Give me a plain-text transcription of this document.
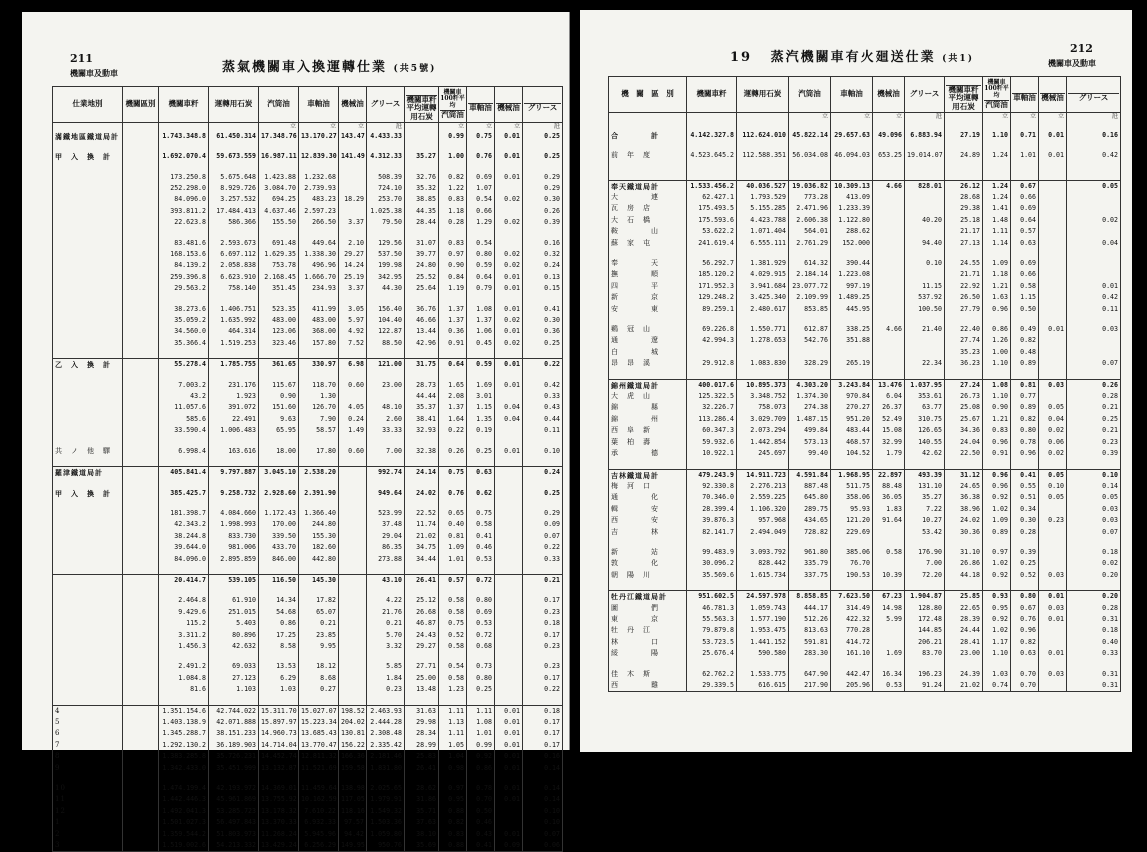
211
機關車及動車	蒸氣機關車入換運轉仕業 (共5號)
仕業地別	機關區別	機關車粁	運轉用石炭	汽筒油	車軸油	機械油	グリース	機關車粁平均運轉用石炭	機關車100粁平均
汽筒油	車軸油	機械油	グリース

				立	立	立	瓩		立	立	立	瓩
滿鐵地區鐵道局計		1.743.348.8	61.450.314	17.348.76	13.170.27	143.47	4.433.33		0.99	0.75	0.01	0.25

甲　入　換　計		1.692.070.4	59.673.559	16.987.11	12.839.30	141.49	4.312.33	35.27	1.00	0.76	0.01	0.25

		173.250.8	5.675.648	1.423.88	1.232.68		508.39	32.76	0.82	0.69	0.01	0.29
		252.298.0	8.929.726	3.084.70	2.739.93		724.10	35.32	1.22	1.07		0.29
		84.096.0	3.257.532	694.25	483.23	18.29	253.70	38.85	0.83	0.54	0.02	0.30
		393.811.2	17.484.413	4.637.46	2.597.23		1.025.38	44.35	1.18	0.66		0.26
		22.623.8	586.366	155.50	266.50	3.37	79.50	28.44	0.28	1.29	0.02	0.39

		83.481.6	2.593.673	691.48	449.64	2.10	129.56	31.07	0.83	0.54		0.16
		168.153.6	6.697.112	1.629.35	1.338.30	29.27	537.50	39.77	0.97	0.80	0.02	0.32
		84.139.2	2.058.838	753.78	496.96	14.24	199.98	24.80	0.90	0.59	0.02	0.24
		259.396.8	6.623.910	2.168.45	1.666.70	25.19	342.95	25.52	0.84	0.64	0.01	0.13
		29.563.2	758.140	351.45	234.93	3.37	44.30	25.64	1.19	0.79	0.01	0.15

		38.273.6	1.406.751	523.35	411.99	3.05	156.40	36.76	1.37	1.08	0.01	0.41
		35.059.2	1.635.992	483.00	483.00	5.97	104.40	46.66	1.37	1.37	0.02	0.30
		34.560.0	464.314	123.06	368.00	4.92	122.87	13.44	0.36	1.06	0.01	0.36
		35.366.4	1.519.253	323.46	157.80	7.52	88.50	42.96	0.91	0.45	0.02	0.25

乙　入　換　計		55.278.4	1.785.755	361.65	330.97	6.98	121.00	31.75	0.64	0.59	0.01	0.22

		7.003.2	231.176	115.67	118.70	0.60	23.00	28.73	1.65	1.69	0.01	0.42
		43.2	1.923	0.90	1.30			44.44	2.08	3.01		0.33
		11.057.6	391.072	151.60	126.70	4.05	48.10	35.37	1.37	1.15	0.04	0.43
		585.6	22.491	9.63	7.90	0.24	2.60	38.41	1.64	1.35	0.04	0.44
		33.590.4	1.006.483	65.95	58.57	1.49	33.33	32.93	0.22	0.19		0.11

共　ノ　他　驛		6.998.4	163.616	18.00	17.80	0.60	7.00	32.38	0.26	0.25	0.01	0.10

羅津鐵道局計		405.841.4	9.797.887	3.045.10	2.538.20		992.74	24.14	0.75	0.63		0.24

甲　入　換　計		385.425.7	9.258.732	2.928.60	2.391.90		949.64	24.02	0.76	0.62		0.25

		181.398.7	4.084.660	1.172.43	1.366.40		523.99	22.52	0.65	0.75		0.29
		42.343.2	1.998.993	170.00	244.80		37.48	11.74	0.40	0.58		0.09
		38.244.8	833.730	339.50	155.30		29.04	21.02	0.81	0.41		0.07
		39.644.0	981.006	433.70	182.60		86.35	34.75	1.09	0.46		0.22
		84.096.0	2.895.859	846.00	442.80		273.88	34.44	1.01	0.53		0.33

		20.414.7	539.105	116.50	145.30		43.10	26.41	0.57	0.72		0.21

		2.464.8	61.910	14.34	17.82		4.22	25.12	0.58	0.80		0.17
		9.429.6	251.015	54.68	65.07		21.76	26.68	0.58	0.69		0.23
		115.2	5.403	0.86	0.21		0.21	46.87	0.75	0.53		0.18
		3.311.2	80.896	17.25	23.85		5.70	24.43	0.52	0.72		0.17
		1.456.3	42.632	8.58	9.95		3.32	29.27	0.58	0.68		0.23

		2.491.2	69.033	13.53	18.12		5.85	27.71	0.54	0.73		0.23
		1.084.8	27.123	6.29	8.68		1.84	25.00	0.58	0.80		0.17
		81.6	1.103	1.03	0.27		0.23	13.48	1.23	0.25		0.22

4		1.351.154.6	42.744.022	15.311.70	15.027.07	198.52	2.463.93	31.63	1.11	1.11	0.01	0.18
5		1.403.138.9	42.071.888	15.897.97	15.223.34	204.02	2.444.28	29.98	1.13	1.08	0.01	0.17
6		1.345.288.7	38.151.233	14.960.73	13.685.43	130.81	2.308.48	28.34	1.11	1.01	0.01	0.17
7		1.292.130.2	36.189.903	14.714.04	13.770.47	156.22	2.335.42	28.99	1.05	0.99	0.01	0.17
8		1.383.285.8	35.726.231	14.452.74	12.811.32	166.36	2.181.46	25.83	1.04	0.92	0.01	0.16
9		1.342.433.0	35.451.999	13.132.87	11.521.69	159.58	1.831.80	26.41	0.98	0.86	0.01	0.14

10		1.474.199.4	42.193.972	14.369.01	11.459.64	138.98	2.025.65	28.62	0.97	0.78	0.01	0.14
11		1.442.446.3	45.961.869	13.755.92	10.162.59	117.05	1.979.91	31.86	0.95	0.70	0.01	0.14
12		1.492.041.3	53.285.723	13.178.32	7.610.22	118.16	1.549.32	35.71	0.88	0.50		0.10
1		1.501.027.3	56.497.843	13.370.33	6.932.33	97.57	1.503.36	37.63	0.82	0.46		0.10
2		1.359.544.2	51.803.973	11.268.24	5.945.96	94.42	1.059.80	38.10	0.83	0.43	0.01	0.07
3		1.519.002.6	54.213.332	13.429.24	6.256.29	149.95	950.76	35.69	0.88	0.41	0.09	0.06
19 蒸汽機關車有火廻送仕業 (共1)
212
機關車及動車
機　關　區　別	機關車粁	運轉用石炭	汽筒油	車軸油	機械油	グリース	機關車粁平均運轉用石炭	機關車100粁平均
汽筒油	車軸油	機械油	グリース

			立	立	立	瓩		立	立	立	瓩

合　　　　計	4.142.327.8	112.624.010	45.822.14	29.657.63	49.096	6.883.94	27.19	1.10	0.71	0.01	0.16

前　年　度	4.523.645.2	112.588.351	56.034.08	46.094.03	653.25	19.014.07	24.89	1.24	1.01	0.01	0.42

奉天鐵道局計	1.533.456.2	40.036.527	19.036.82	10.309.13	4.66	828.01	26.12	1.24	0.67		0.05
大　　　　連	62.427.1	1.793.529	773.28	413.09			28.68	1.24	0.66		
瓦　房　店	175.493.5	5.155.285	2.471.96	1.233.39			29.38	1.41	0.69		
大　石　橋	175.593.6	4.423.788	2.606.38	1.122.80		40.20	25.18	1.48	0.64		0.02
鞍　　　　山	53.622.2	1.071.404	564.01	288.62			21.17	1.11	0.57		
蘇　家　屯	241.619.4	6.555.111	2.761.29	152.000		94.40	27.13	1.14	0.63		0.04

奉　　　　天	56.292.7	1.381.929	614.32	390.44		0.10	24.55	1.09	0.69		
撫　　　　順	185.120.2	4.029.915	2.184.14	1.223.08			21.71	1.18	0.66		
四　　　　平	171.952.3	3.941.684	23.077.72	997.19		11.15	22.92	1.21	0.58		0.01
新　　　　京	129.248.2	3.425.340	2.109.99	1.489.25		537.92	26.50	1.63	1.15		0.42
安　　　　東	89.259.1	2.480.617	853.85	445.95		100.50	27.79	0.96	0.50		0.11

鷄　冠　山	69.226.8	1.550.771	612.87	338.25	4.66	21.40	22.40	0.86	0.49	0.01	0.03
通　　　　遼	42.994.3	1.278.653	542.76	351.88			27.74	1.26	0.82		
白　　　　城							35.23	1.00	0.48		
昂　昂　溪	29.912.8	1.083.830	328.29	265.19		22.34	36.23	1.10	0.89		0.07

錦州鐵道局計	400.017.6	10.895.373	4.303.20	3.243.84	13.476	1.037.95	27.24	1.08	0.81	0.03	0.26
大　虎　山	125.322.5	3.348.752	1.374.30	970.84	6.04	353.61	26.73	1.10	0.77		0.28
錦　　　　縣	32.226.7	758.073	274.38	270.27	26.37	63.77	25.08	0.90	0.89	0.05	0.21
錦　　　　州	113.286.4	3.029.709	1.487.15	951.20	52.49	310.75	25.67	1.21	0.82	0.04	0.25
西　阜　新	60.347.3	2.073.294	499.84	483.44	15.08	126.65	34.36	0.83	0.80	0.02	0.21
葉　柏　壽	59.932.6	1.442.854	573.13	468.57	32.99	140.55	24.04	0.96	0.78	0.06	0.23
承　　　　德	10.922.1	245.697	99.40	104.52	1.79	42.62	22.50	0.91	0.96	0.02	0.39

吉林鐵道局計	479.243.9	14.911.723	4.591.84	1.968.95	22.897	493.39	31.12	0.96	0.41	0.05	0.10
梅　河　口	92.330.8	2.276.213	887.48	511.75	88.48	131.10	24.65	0.96	0.55	0.10	0.14
通　　　　化	70.346.0	2.559.225	645.80	358.06	36.05	35.27	36.38	0.92	0.51	0.05	0.05
輯　　　　安	28.399.4	1.106.320	289.75	95.93	1.83	7.22	38.96	1.02	0.34		0.03
西　　　　安	39.876.3	957.968	434.65	121.20	91.64	10.27	24.02	1.09	0.30	0.23	0.03
吉　　　　林	82.141.7	2.494.049	728.82	229.69		53.42	30.36	0.89	0.28		0.07

新　　　　站	99.483.9	3.093.792	961.80	385.06	0.58	176.90	31.10	0.97	0.39		0.18
敦　　　　化	30.096.2	828.442	335.79	76.70		7.00	26.86	1.02	0.25		0.02
朝　陽　川	35.569.6	1.615.734	337.75	190.53	10.39	72.20	44.18	0.92	0.52	0.03	0.20

牡丹江鐵道局計	951.602.5	24.597.978	8.858.85	7.623.50	67.23	1.904.87	25.85	0.93	0.80	0.01	0.20
圖　　　　們	46.781.3	1.059.743	444.17	314.49	14.98	128.80	22.65	0.95	0.67	0.03	0.28
東　　　　京	55.563.3	1.577.190	512.26	422.32	5.99	172.48	28.39	0.92	0.76	0.01	0.31
牡　丹　江	79.879.8	1.953.475	813.63	770.28		144.85	24.44	1.02	0.96		0.18
林　　　　口	53.723.5	1.441.152	591.81	414.72		206.21	28.41	1.17	0.82		0.40
綏　　　　陽	25.676.4	590.580	283.30	161.10	1.69	83.70	23.00	1.10	0.63	0.01	0.33

佳　木　斯	62.762.2	1.533.775	647.90	442.47	16.34	196.23	24.39	1.03	0.70	0.03	0.31
西　　　　雞	29.339.5	616.615	217.90	205.96	0.53	91.24	21.02	0.74	0.70		0.31
